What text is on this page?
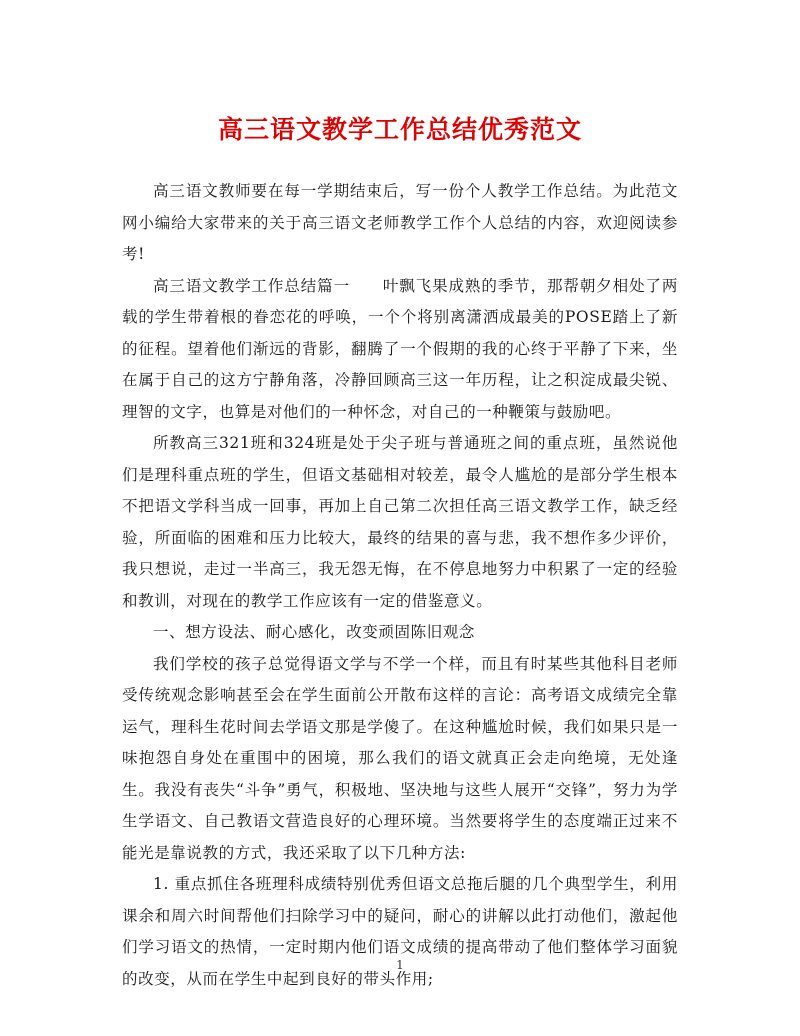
高三语文教学工作总结优秀范文

高三语文教师要在每一学期结束后，写一份个人教学工作总结。为此范文网小编给大家带来的关于高三语文老师教学工作个人总结的内容，欢迎阅读参考!

高三语文教学工作总结篇一　　叶飘飞果成熟的季节，那帮朝夕相处了两载的学生带着根的眷恋花的呼唤，一个个将别离潇洒成最美的POSE踏上了新的征程。望着他们渐远的背影，翻腾了一个假期的我的心终于平静了下来，坐在属于自己的这方宁静角落，冷静回顾高三这一年历程，让之积淀成最尖锐、理智的文字，也算是对他们的一种怀念，对自己的一种鞭策与鼓励吧。

所教高三321班和324班是处于尖子班与普通班之间的重点班，虽然说他们是理科重点班的学生，但语文基础相对较差，最令人尴尬的是部分学生根本不把语文学科当成一回事，再加上自己第二次担任高三语文教学工作，缺乏经验，所面临的困难和压力比较大，最终的结果的喜与悲，我不想作多少评价，我只想说，走过一半高三，我无怨无悔，在不停息地努力中积累了一定的经验和教训，对现在的教学工作应该有一定的借鉴意义。

一、想方设法、耐心感化，改变顽固陈旧观念

我们学校的孩子总觉得语文学与不学一个样，而且有时某些其他科目老师受传统观念影响甚至会在学生面前公开散布这样的言论：高考语文成绩完全靠运气，理科生花时间去学语文那是学傻了。在这种尴尬时候，我们如果只是一味抱怨自身处在重围中的困境，那么我们的语文就真正会走向绝境，无处逢生。我没有丧失“斗争”勇气，积极地、坚决地与这些人展开“交锋”，努力为学生学语文、自己教语文营造良好的心理环境。当然要将学生的态度端正过来不能光是靠说教的方式，我还采取了以下几种方法:

1. 重点抓住各班理科成绩特别优秀但语文总拖后腿的几个典型学生，利用课余和周六时间帮他们扫除学习中的疑问，耐心的讲解以此打动他们，激起他们学习语文的热情，一定时期内他们语文成绩的提高带动了他们整体学习面貌的改变，从而在学生中起到良好的带头作用;

1
